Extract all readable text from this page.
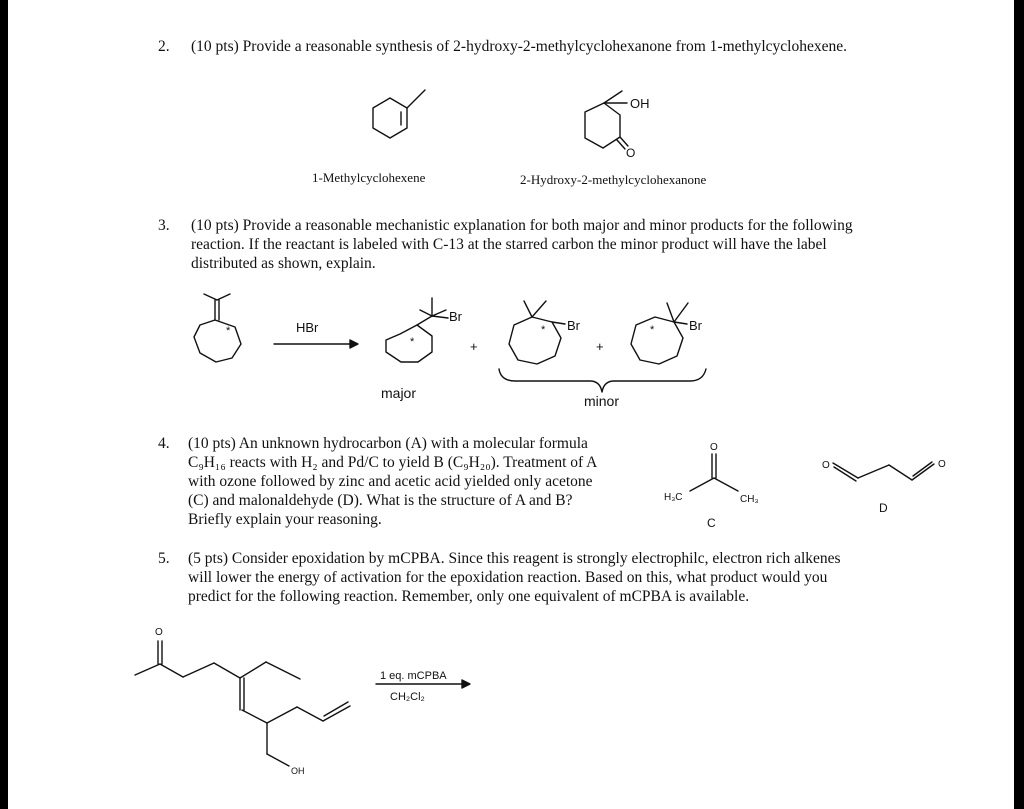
2. (10 pts) Provide a reasonable synthesis of 2-hydroxy-2-methylcyclohexanone from 1-methylcyclohexene.
1-Methylcyclohexene	2-Hydroxy-2-methylcyclohexanone
3. (10 pts) Provide a reasonable mechanistic explanation for both major and minor products for the following
reaction. If the reactant is labeled with C-13 at the starred carbon the minor product will have the label
distributed as shown, explain.
4. (10 pts) An unknown hydrocarbon (A) with a molecular formula
C₉H₁₆ reacts with H₂ and Pd/C to yield B (C₉H₂₀). Treatment of A
with ozone followed by zinc and acetic acid yielded only acetone
(C) and malonaldehyde (D). What is the structure of A and B?
Briefly explain your reasoning.
5. (5 pts) Consider epoxidation by mCPBA. Since this reagent is strongly electrophilc, electron rich alkenes
will lower the energy of activation for the epoxidation reaction. Based on this, what product would you
predict for the following reaction. Remember, only one equivalent of mCPBA is available.
OH
O
*	HBr
Br
*	+
Br
*
+
Br
*
major	minor
O
H₃C	CH₃
C
O	O
D
O
OH
1 eq. mCPBA
CH₂Cl₂
